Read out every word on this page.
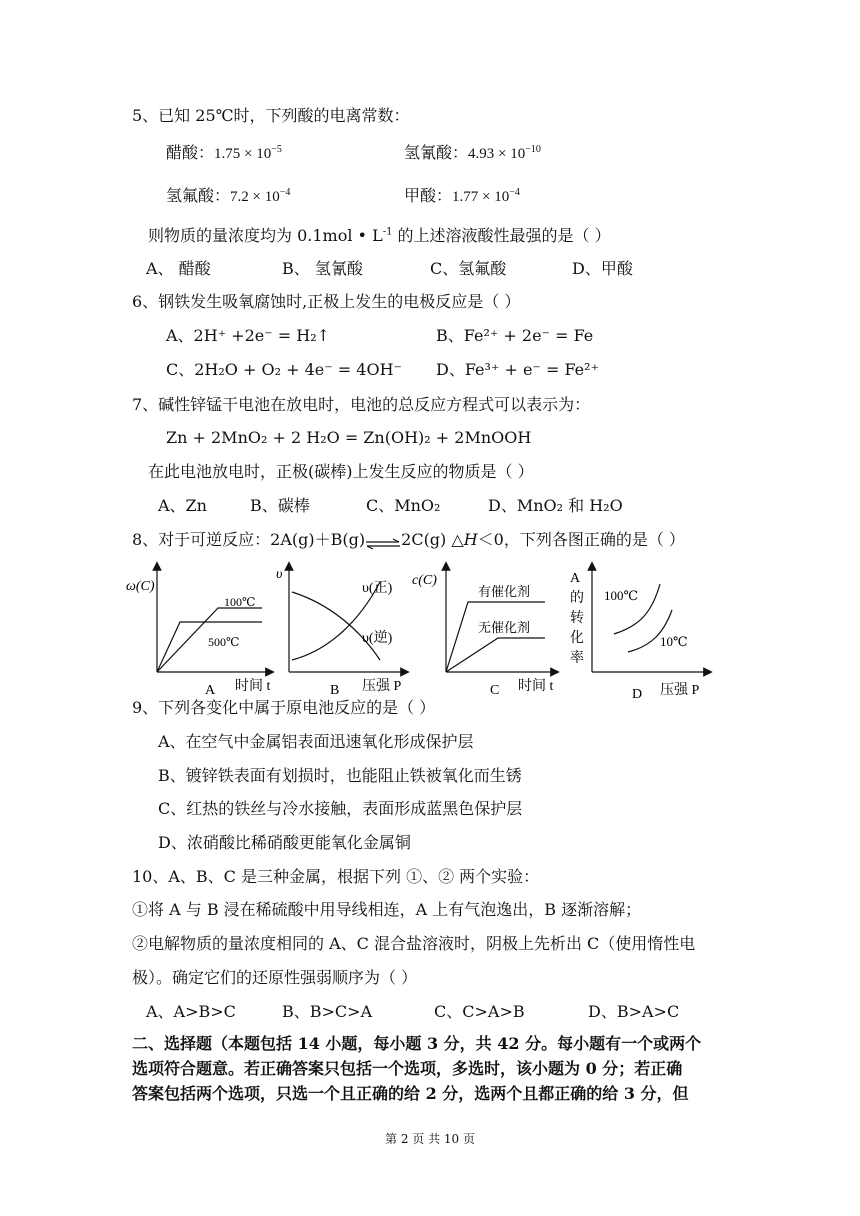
5、已知 25℃时，下列酸的电离常数：
醋酸：$1.75 \times 10^{-5}$	氢氰酸：$4.93 \times 10^{-10}$
氢氟酸：$7.2 \times 10^{-4}$	甲酸：$1.77 \times 10^{-4}$
则物质的量浓度均为 0.1mol • $L^{-1}$ 的上述溶液酸性最强的是（ ）
A、 醋酸	B、 氢氰酸	C、氢氟酸	D、甲酸
6、钢铁发生吸氧腐蚀时,正极上发生的电极反应是（ ）
A、2H⁺ +2e⁻ = H₂↑	B、Fe²⁺ + 2e⁻ = Fe
C、2H₂O + O₂ + 4e⁻ = 4OH⁻ D、Fe³⁺ + e⁻ = Fe²⁺
7、碱性锌锰干电池在放电时，电池的总反应方程式可以表示为：
Zn + 2MnO₂ + 2 H₂O = Zn(OH)₂ + 2MnOOH
在此电池放电时，正极(碳棒)上发生反应的物质是（ ）
A、Zn	B、碳棒	C、MnO₂	D、MnO₂ 和 H₂O
8、对于可逆反应：2A(g)＋B(g)⇌2C(g) △H＜0，下列各图正确的是（ ）
ω(C)
100℃
500℃
A 时间 t
υ
υ(正)
υ(逆)
B 压强 P
c(C)
有催化剂
无催化剂
C 时间 t
A
的
转
化
率
100℃
10℃
D 压强 P
9、下列各变化中属于原电池反应的是（ ）
A、在空气中金属铝表面迅速氧化形成保护层
B、镀锌铁表面有划损时，也能阻止铁被氧化而生锈
C、红热的铁丝与冷水接触，表面形成蓝黑色保护层
D、浓硝酸比稀硝酸更能氧化金属铜
10、A、B、C 是三种金属，根据下列 ①、② 两个实验：
①将 A 与 B 浸在稀硫酸中用导线相连，A 上有气泡逸出，B 逐渐溶解；
②电解物质的量浓度相同的 A、C 混合盐溶液时，阴极上先析出 C（使用惰性电
极）。确定它们的还原性强弱顺序为（ ）
A、A>B>C	B、B>C>A	C、C>A>B	D、B>A>C
二、选择题（本题包括 14 小题，每小题 3 分，共 42 分。每小题有一个或两个
选项符合题意。若正确答案只包括一个选项，多选时，该小题为 0 分；若正确
答案包括两个选项，只选一个且正确的给 2 分，选两个且都正确的给 3 分，但
第 2 页 共 10 页
